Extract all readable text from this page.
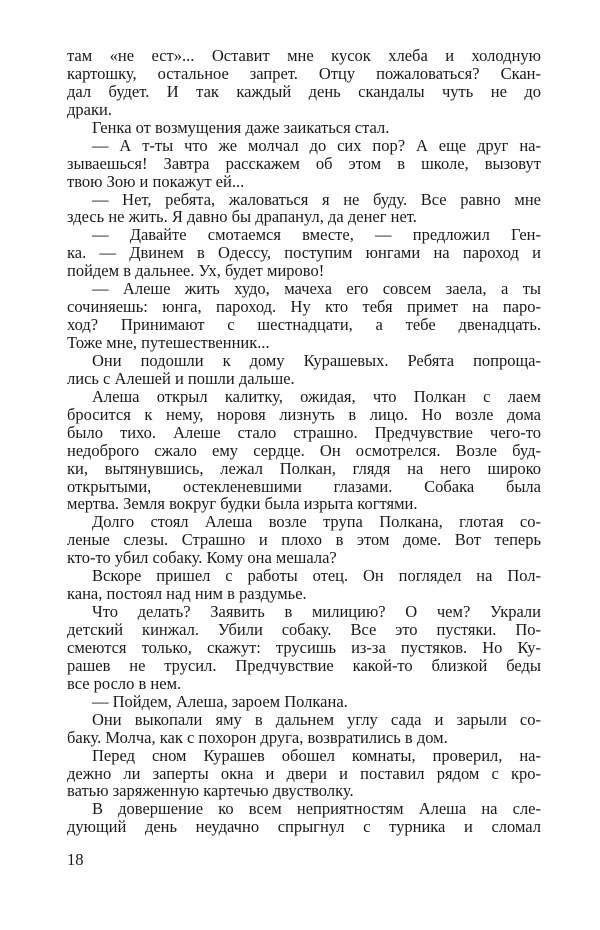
там «не ест»... Оставит мне кусок хлеба и холодную
картошку, остальное запрет. Отцу пожаловаться? Скан-
дал будет. И так каждый день скандалы чуть не до
драки.
Генка от возмущения даже заикаться стал.
— А т-ты что же молчал до сих пор? А еще друг на-
зываешься! Завтра расскажем об этом в школе, вызовут
твою Зою и покажут ей...
— Нет, ребята, жаловаться я не буду. Все равно мне
здесь не жить. Я давно бы драпанул, да денег нет.
— Давайте смотаемся вместе, — предложил Ген-
ка. — Двинем в Одессу, поступим юнгами на пароход и
пойдем в дальнее. Ух, будет мирово!
— Алеше жить худо, мачеха его совсем заела, а ты
сочиняешь: юнга, пароход. Ну кто тебя примет на паро-
ход? Принимают с шестнадцати, а тебе двенадцать.
Тоже мне, путешественник...
Они подошли к дому Курашевых. Ребята попроща-
лись с Алешей и пошли дальше.
Алеша открыл калитку, ожидая, что Полкан с лаем
бросится к нему, норовя лизнуть в лицо. Но возле дома
было тихо. Алеше стало страшно. Предчувствие чего-то
недоброго сжало ему сердце. Он осмотрелся. Возле буд-
ки, вытянувшись, лежал Полкан, глядя на него широко
открытыми, остекленевшими глазами. Собака была
мертва. Земля вокруг будки была изрыта когтями.
Долго стоял Алеша возле трупа Полкана, глотая со-
леные слезы. Страшно и плохо в этом доме. Вот теперь
кто-то убил собаку. Кому она мешала?
Вскоре пришел с работы отец. Он поглядел на Пол-
кана, постоял над ним в раздумье.
Что делать? Заявить в милицию? О чем? Украли
детский кинжал. Убили собаку. Все это пустяки. По-
смеются только, скажут: трусишь из-за пустяков. Но Ку-
рашев не трусил. Предчувствие какой-то близкой беды
все росло в нем.
— Пойдем, Алеша, зароем Полкана.
Они выкопали яму в дальнем углу сада и зарыли со-
баку. Молча, как с похорон друга, возвратились в дом.
Перед сном Курашев обошел комнаты, проверил, на-
дежно ли заперты окна и двери и поставил рядом с кро-
ватью заряженную картечью двустволку.
В довершение ко всем неприятностям Алеша на сле-
дующий день неудачно спрыгнул с турника и сломал
18
